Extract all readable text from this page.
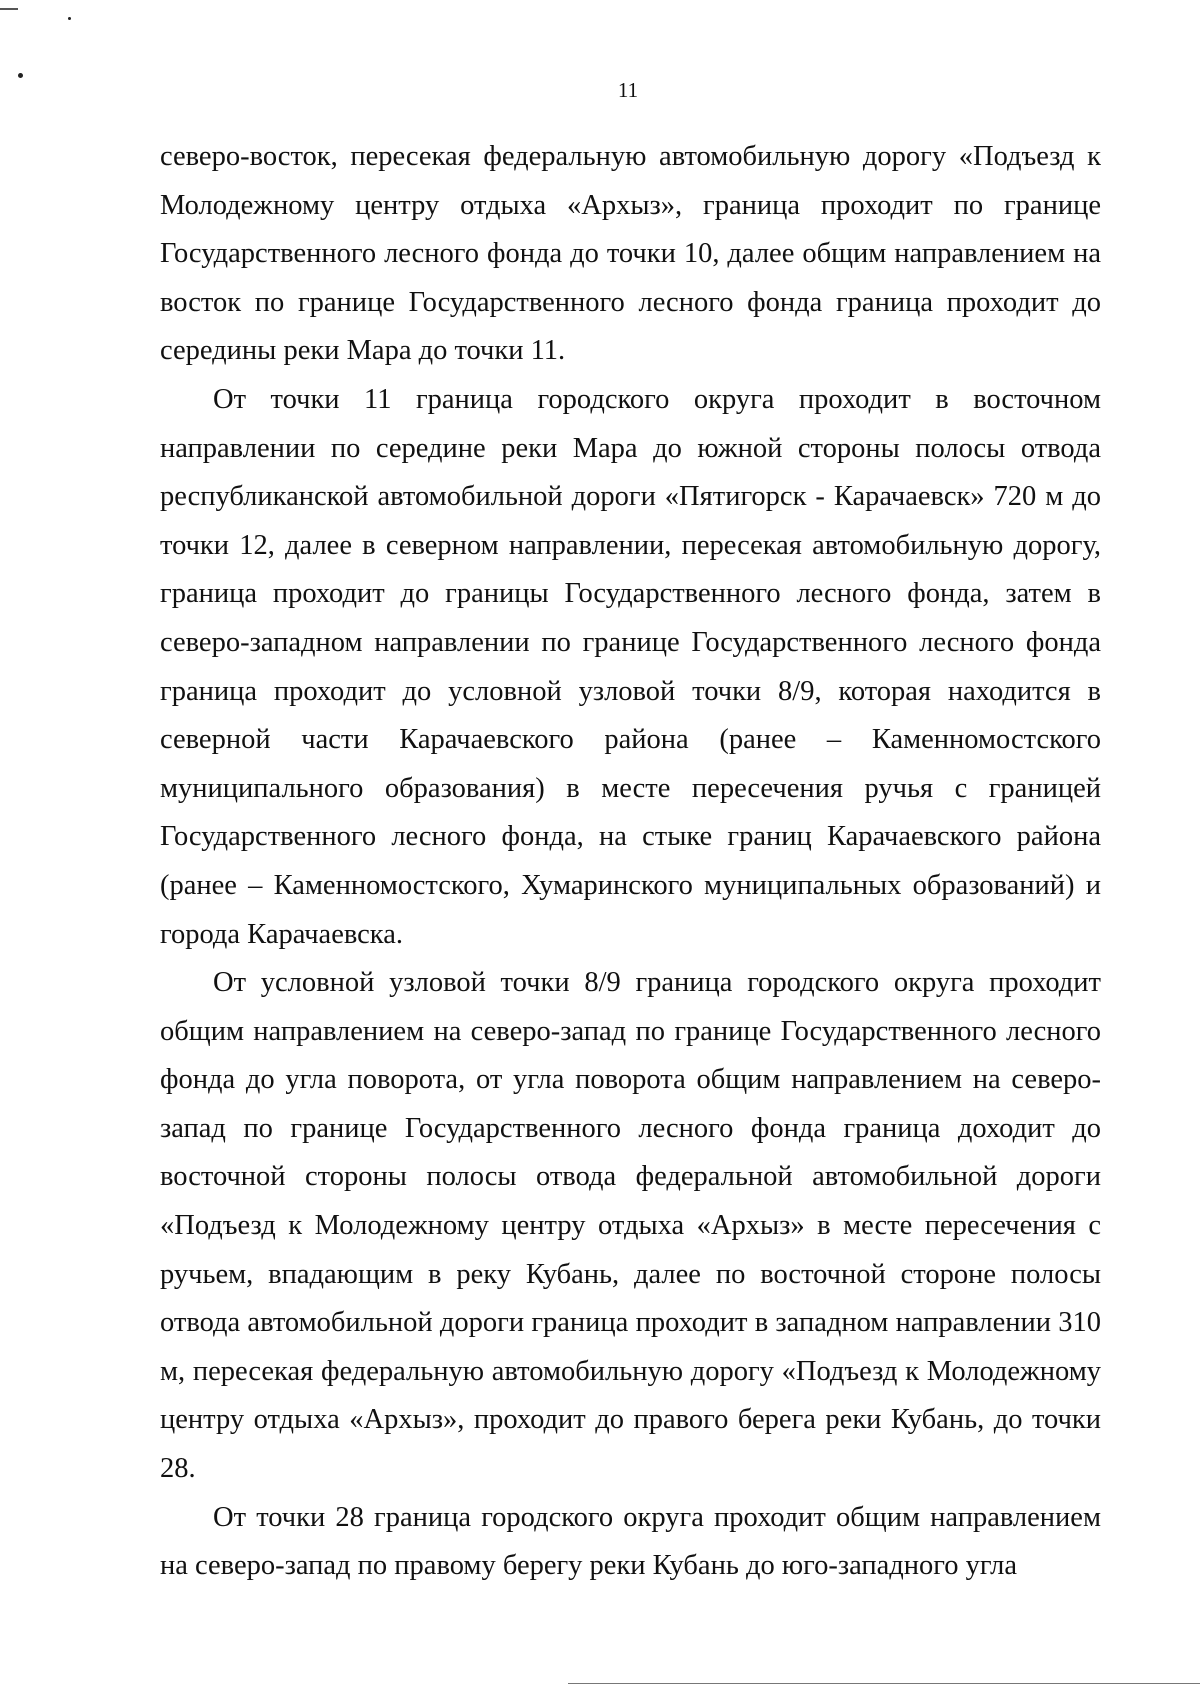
11

северо-восток, пересекая федеральную автомобильную дорогу «Подъезд к Молодежному центру отдыха «Архыз», граница проходит по границе Государственного лесного фонда до точки 10, далее общим направлением на восток по границе Государственного лесного фонда граница проходит до середины реки Мара до точки 11.

От точки 11 граница городского округа проходит в восточном направлении по середине реки Мара до южной стороны полосы отвода республиканской автомобильной дороги «Пятигорск - Карачаевск» 720 м до точки 12, далее в северном направлении, пересекая автомобильную дорогу, граница проходит до границы Государственного лесного фонда, затем в северо-западном направлении по границе Государственного лесного фонда граница проходит до условной узловой точки 8/9, которая находится в северной части Карачаевского района (ранее – Каменномостского муниципального образования) в месте пересечения ручья с границей Государственного лесного фонда, на стыке границ Карачаевского района (ранее – Каменномостского, Хумаринского муниципальных образований) и города Карачаевска.

От условной узловой точки 8/9 граница городского округа проходит общим направлением на северо-запад по границе Государственного лесного фонда до угла поворота, от угла поворота общим направлением на северо-запад по границе Государственного лесного фонда граница доходит до восточной стороны полосы отвода федеральной автомобильной дороги «Подъезд к Молодежному центру отдыха «Архыз» в месте пересечения с ручьем, впадающим в реку Кубань, далее по восточной стороне полосы отвода автомобильной дороги граница проходит в западном направлении 310 м, пересекая федеральную автомобильную дорогу «Подъезд к Молодежному центру отдыха «Архыз», проходит до правого берега реки Кубань, до точки 28.

От точки 28 граница городского округа проходит общим направлением на северо-запад по правому берегу реки Кубань до юго-западного угла
